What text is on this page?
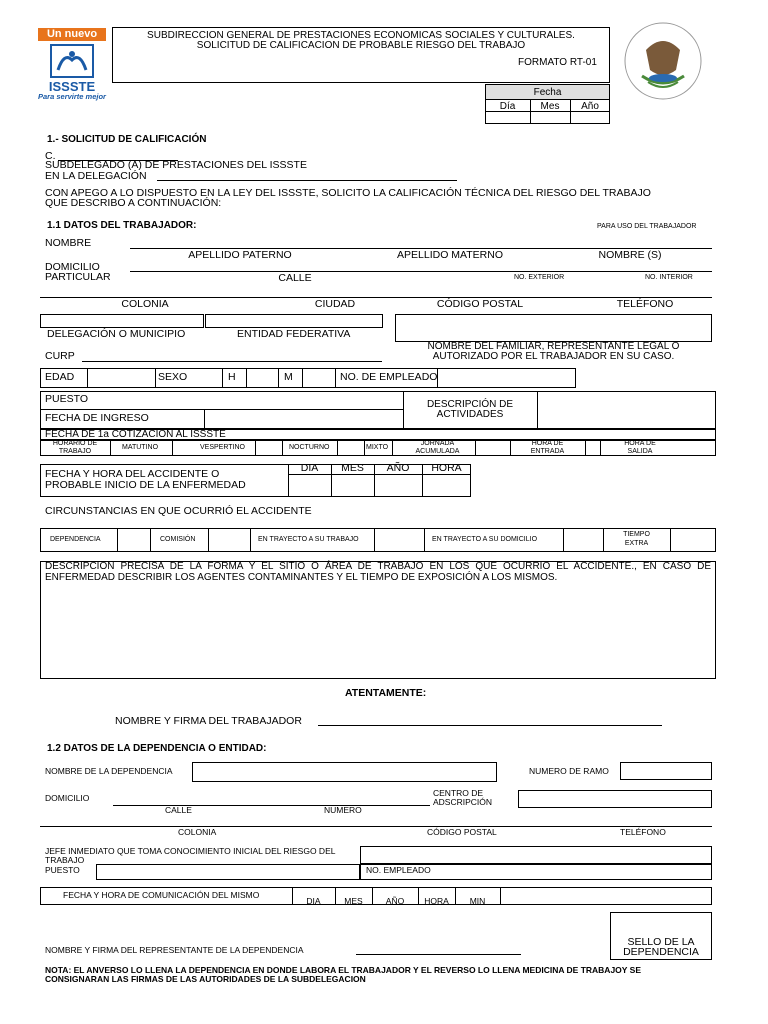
Un nuevo
ISSSTE
Para servirte mejor
SUBDIRECCION GENERAL DE PRESTACIONES ECONOMICAS SOCIALES Y CULTURALES.
SOLICITUD DE CALIFICACION DE PROBABLE RIESGO DEL TRABAJO
FORMATO RT-01
Fecha
Día	Mes	Año
1.- SOLICITUD DE CALIFICACIÓN
C.
SUBDELEGADO (A) DE PRESTACIONES DEL ISSSTE
EN LA DELEGACIÓN
CON APEGO A LO DISPUESTO EN LA LEY DEL ISSSTE, SOLICITO LA CALIFICACIÓN TÉCNICA DEL RIESGO DEL TRABAJO
QUE DESCRIBO A CONTINUACIÓN:
1.1 DATOS DEL TRABAJADOR:	PARA USO DEL TRABAJADOR
NOMBRE
APELLIDO PATERNO	APELLIDO MATERNO	NOMBRE (S)
DOMICILIO
PARTICULAR	CALLE	NO. EXTERIOR	NO. INTERIOR
COLONIA	CIUDAD	CÓDIGO POSTAL	TELÉFONO
DELEGACIÓN O MUNICIPIO	ENTIDAD FEDERATIVA
NOMBRE DEL FAMILIAR, REPRESENTANTE LEGAL O
AUTORIZADO POR EL TRABAJADOR EN SU CASO.
CURP
EDAD	SEXO	H	M	NO. DE EMPLEADO
PUESTO
FECHA DE INGRESO
DESCRIPCIÓN DE
ACTIVIDADES
FECHA DE 1a COTIZACION AL ISSSTE
HORARIO DE
TRABAJO
MATUTINO	VESPERTINO	NOCTURNO	MIXTO
JORNADA
ACUMULADA
HORA DE
ENTRADA
HORA DE
SALIDA
FECHA Y HORA DEL ACCIDENTE O
PROBABLE INICIO DE LA ENFERMEDAD
DIA	MES	AÑO	HORA
CIRCUNSTANCIAS EN QUE OCURRIÓ EL ACCIDENTE
DEPENDENCIA	COMISIÓN	EN TRAYECTO A SU TRABAJO	EN TRAYECTO A SU DOMICILIO
TIEMPO
EXTRA
DESCRIPCION PRECISA DE LA FORMA Y EL SITIO O ÁREA DE TRABAJO EN LOS QUE OCURRIO EL ACCIDENTE., EN CASO DE ENFERMEDAD DESCRIBIR LOS AGENTES CONTAMINANTES Y EL TIEMPO DE EXPOSICIÓN A LOS MISMOS.
ATENTAMENTE:
NOMBRE Y FIRMA DEL TRABAJADOR
1.2 DATOS DE LA DEPENDENCIA O ENTIDAD:
NOMBRE DE LA DEPENDENCIA	NUMERO DE RAMO
DOMICILIO
CALLE	NUMERO
CENTRO DE
ADSCRIPCIÓN
COLONIA	CÓDIGO POSTAL	TELÉFONO
JEFE INMEDIATO QUE TOMA CONOCIMIENTO INICIAL DEL RIESGO DEL
TRABAJO
PUESTO	NO. EMPLEADO
FECHA Y HORA DE COMUNICACIÓN DEL MISMO
DIA	MES	AÑO	HORA	MIN
NOMBRE Y FIRMA DEL REPRESENTANTE DE LA DEPENDENCIA
SELLO DE LA
DEPENDENCIA
NOTA: EL ANVERSO LO LLENA LA DEPENDENCIA EN DONDE LABORA EL TRABAJADOR Y EL REVERSO LO LLENA MEDICINA DE TRABAJOY SE
CONSIGNARAN LAS FIRMAS DE LAS AUTORIDADES DE LA SUBDELEGACION
